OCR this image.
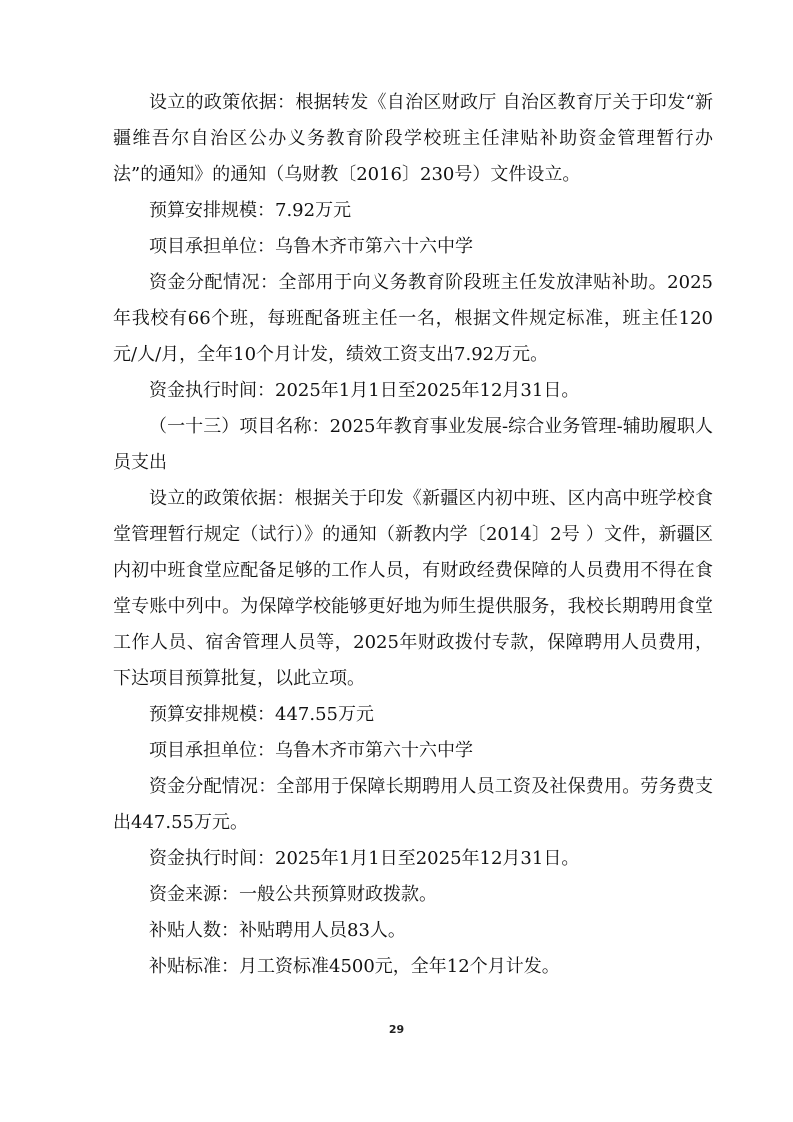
设立的政策依据：根据转发《自治区财政厅 自治区教育厅关于印发“新疆维吾尔自治区公办义务教育阶段学校班主任津贴补助资金管理暂行办法”的通知》的通知（乌财教〔2016〕230号）文件设立。

预算安排规模：7.92万元

项目承担单位：乌鲁木齐市第六十六中学

资金分配情况：全部用于向义务教育阶段班主任发放津贴补助。2025年我校有66个班，每班配备班主任一名，根据文件规定标准，班主任120元/人/月，全年10个月计发，绩效工资支出7.92万元。

资金执行时间：2025年1月1日至2025年12月31日。

（一十三）项目名称：2025年教育事业发展-综合业务管理-辅助履职人员支出

设立的政策依据：根据关于印发《新疆区内初中班、区内高中班学校食堂管理暂行规定（试行）》的通知（新教内学〔2014〕2号 ）文件，新疆区内初中班食堂应配备足够的工作人员，有财政经费保障的人员费用不得在食堂专账中列中。为保障学校能够更好地为师生提供服务，我校长期聘用食堂工作人员、宿舍管理人员等，2025年财政拨付专款，保障聘用人员费用，下达项目预算批复，以此立项。

预算安排规模：447.55万元

项目承担单位：乌鲁木齐市第六十六中学

资金分配情况：全部用于保障长期聘用人员工资及社保费用。劳务费支出447.55万元。

资金执行时间：2025年1月1日至2025年12月31日。

资金来源：一般公共预算财政拨款。

补贴人数：补贴聘用人员83人。

补贴标准：月工资标准4500元，全年12个月计发。

29
